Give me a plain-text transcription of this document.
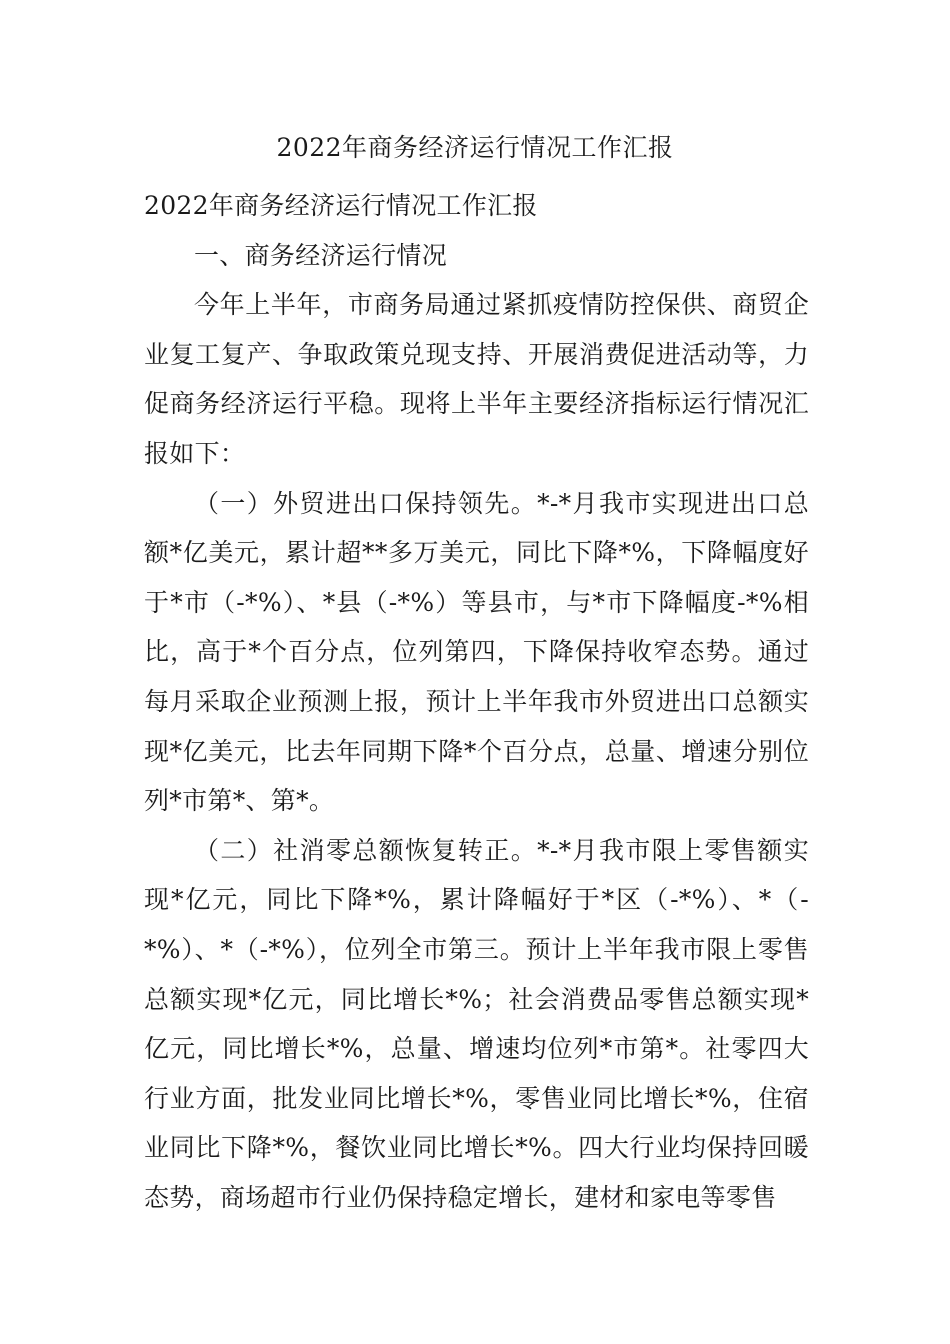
2022年商务经济运行情况工作汇报

2022年商务经济运行情况工作汇报

一、商务经济运行情况

今年上半年，市商务局通过紧抓疫情防控保供、商贸企业复工复产、争取政策兑现支持、开展消费促进活动等，力促商务经济运行平稳。现将上半年主要经济指标运行情况汇报如下：

（一）外贸进出口保持领先。*-*月我市实现进出口总额*亿美元，累计超**多万美元，同比下降*%，下降幅度好于*市（-*%）、*县（-*%）等县市，与*市下降幅度-*%相比，高于*个百分点，位列第四，下降保持收窄态势。通过每月采取企业预测上报，预计上半年我市外贸进出口总额实现*亿美元，比去年同期下降*个百分点，总量、增速分别位列*市第*、第*。

（二）社消零总额恢复转正。*-*月我市限上零售额实现*亿元，同比下降*%，累计降幅好于*区（-*%）、*（-*%）、*（-*%），位列全市第三。预计上半年我市限上零售总额实现*亿元，同比增长*%；社会消费品零售总额实现*亿元，同比增长*%，总量、增速均位列*市第*。社零四大行业方面，批发业同比增长*%，零售业同比增长*%，住宿业同比下降*%，餐饮业同比增长*%。四大行业均保持回暖态势，商场超市行业仍保持稳定增长，建材和家电等零售
